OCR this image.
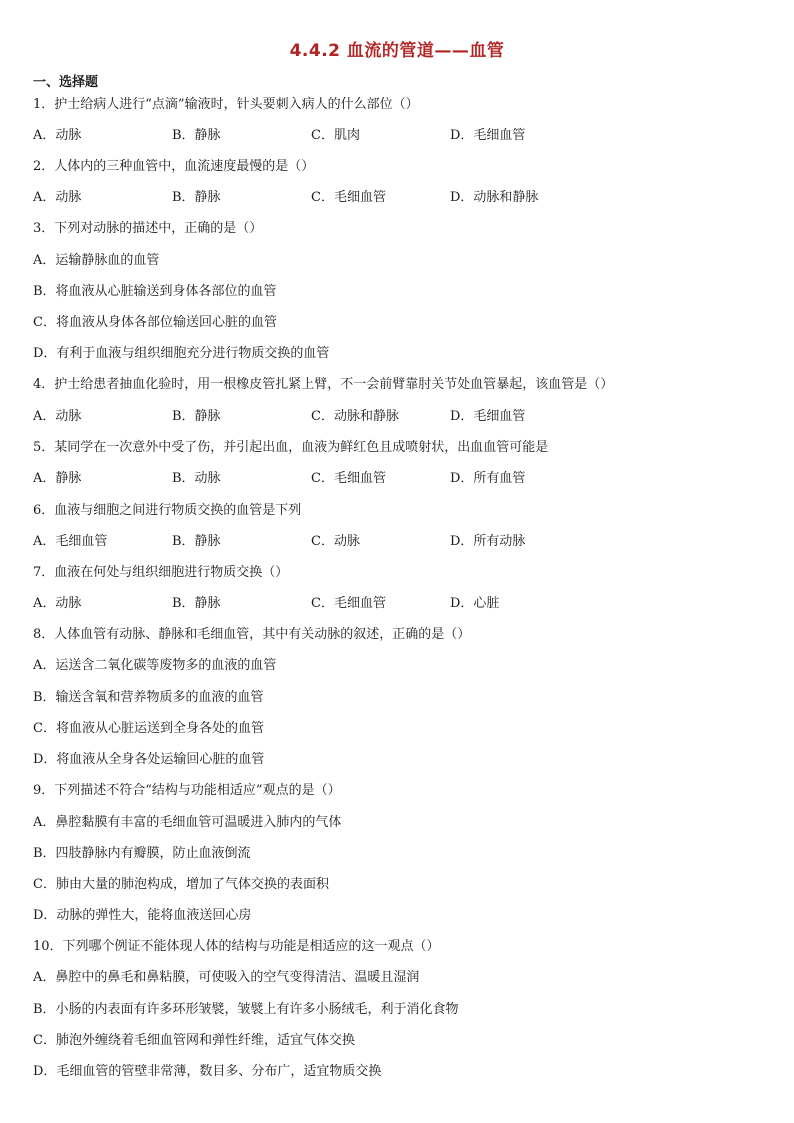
4.4.2 血流的管道——血管
一、选择题
1．护士给病人进行“点滴”输液时，针头要刺入病人的什么部位（）
A．动脉	B．静脉	C．肌肉	D．毛细血管
2．人体内的三种血管中，血流速度最慢的是（）
A．动脉	B．静脉	C．毛细血管	D．动脉和静脉
3．下列对动脉的描述中，正确的是（）
A．运输静脉血的血管
B．将血液从心脏输送到身体各部位的血管
C．将血液从身体各部位输送回心脏的血管
D．有利于血液与组织细胞充分进行物质交换的血管
4．护士给患者抽血化验时，用一根橡皮管扎紧上臂，不一会前臂靠肘关节处血管暴起，该血管是（）
A．动脉	B．静脉	C．动脉和静脉	D．毛细血管
5．某同学在一次意外中受了伤，并引起出血，血液为鲜红色且成喷射状，出血血管可能是
A．静脉	B．动脉	C．毛细血管	D．所有血管
6．血液与细胞之间进行物质交换的血管是下列
A．毛细血管	B．静脉	C．动脉	D．所有动脉
7．血液在何处与组织细胞进行物质交换（）
A．动脉	B．静脉	C．毛细血管	D．心脏
8．人体血管有动脉、静脉和毛细血管，其中有关动脉的叙述，正确的是（）
A．运送含二氧化碳等废物多的血液的血管
B．输送含氧和营养物质多的血液的血管
C．将血液从心脏运送到全身各处的血管
D．将血液从全身各处运输回心脏的血管
9．下列描述不符合“结构与功能相适应”观点的是（）
A．鼻腔黏膜有丰富的毛细血管可温暖进入肺内的气体
B．四肢静脉内有瓣膜，防止血液倒流
C．肺由大量的肺泡构成，增加了气体交换的表面积
D．动脉的弹性大，能将血液送回心房
10．下列哪个例证不能体现人体的结构与功能是相适应的这一观点（）
A．鼻腔中的鼻毛和鼻粘膜，可使吸入的空气变得清洁、温暖且湿润
B．小肠的内表面有许多环形皱襞，皱襞上有许多小肠绒毛，利于消化食物
C．肺泡外缠绕着毛细血管网和弹性纤维，适宜气体交换
D．毛细血管的管壁非常薄，数目多、分布广，适宜物质交换
